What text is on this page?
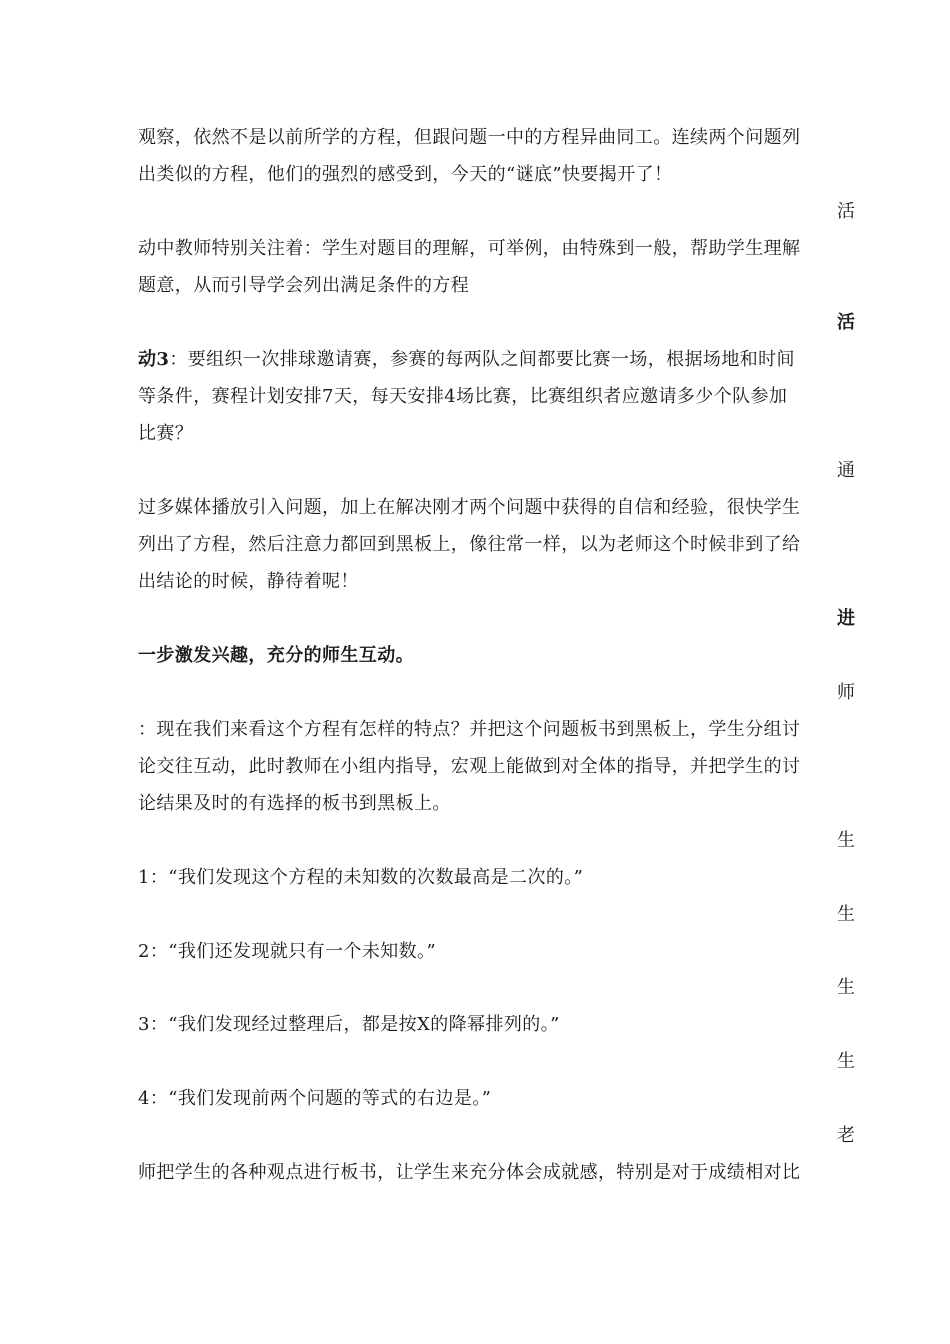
观察，依然不是以前所学的方程，但跟问题一中的方程异曲同工。连续两个问题列
出类似的方程，他们的强烈的感受到，今天的“谜底”快要揭开了！
活
动中教师特别关注着：学生对题目的理解，可举例，由特殊到一般，帮助学生理解
题意，从而引导学会列出满足条件的方程
活
动3：要组织一次排球邀请赛，参赛的每两队之间都要比赛一场，根据场地和时间
等条件，赛程计划安排7天，每天安排4场比赛，比赛组织者应邀请多少个队参加
比赛？
通
过多媒体播放引入问题，加上在解决刚才两个问题中获得的自信和经验，很快学生
列出了方程，然后注意力都回到黑板上，像往常一样，以为老师这个时候非到了给
出结论的时候，静待着呢！
进
一步激发兴趣，充分的师生互动。
师
：现在我们来看这个方程有怎样的特点？并把这个问题板书到黑板上，学生分组讨
论交往互动，此时教师在小组内指导，宏观上能做到对全体的指导，并把学生的讨
论结果及时的有选择的板书到黑板上。
生
1：“我们发现这个方程的未知数的次数最高是二次的。”
生
2：“我们还发现就只有一个未知数。”
生
3：“我们发现经过整理后，都是按X的降幂排列的。”
生
4：“我们发现前两个问题的等式的右边是。”
老
师把学生的各种观点进行板书，让学生来充分体会成就感，特别是对于成绩相对比
